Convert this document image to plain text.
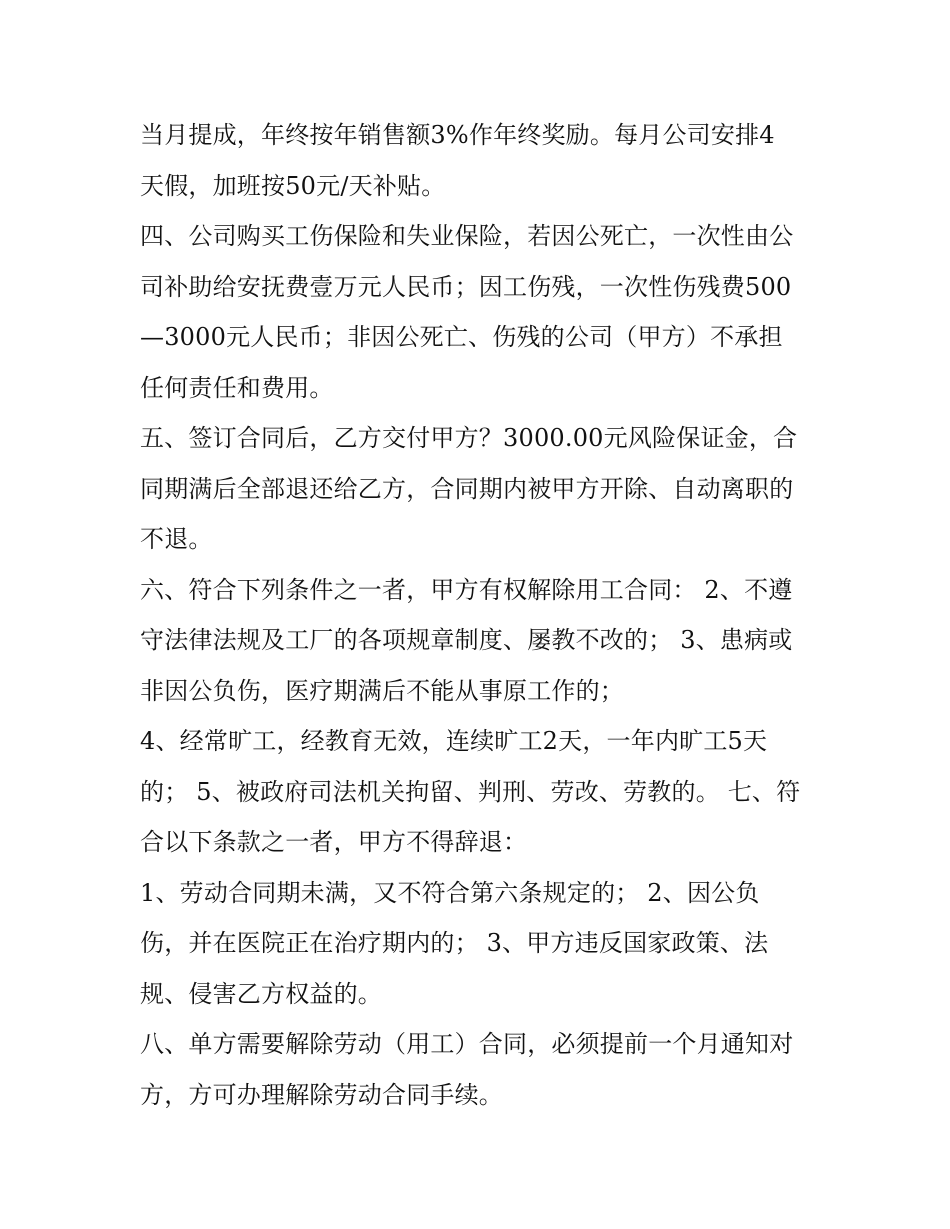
当月提成，年终按年销售额3%作年终奖励。每月公司安排4
天假，加班按50元/天补贴。
四、公司购买工伤保险和失业保险，若因公死亡，一次性由公
司补助给安抚费壹万元人民币；因工伤残，一次性伤残费500
—3000元人民币；非因公死亡、伤残的公司（甲方）不承担
任何责任和费用。
五、签订合同后，乙方交付甲方？3000.00元风险保证金，合
同期满后全部退还给乙方，合同期内被甲方开除、自动离职的
不退。
六、符合下列条件之一者，甲方有权解除用工合同： 2、不遵
守法律法规及工厂的各项规章制度、屡教不改的； 3、患病或
非因公负伤，医疗期满后不能从事原工作的；
4、经常旷工，经教育无效，连续旷工2天，一年内旷工5天
的； 5、被政府司法机关拘留、判刑、劳改、劳教的。 七、符
合以下条款之一者，甲方不得辞退：
1、劳动合同期未满，又不符合第六条规定的； 2、因公负
伤，并在医院正在治疗期内的； 3、甲方违反国家政策、法
规、侵害乙方权益的。
八、单方需要解除劳动（用工）合同，必须提前一个月通知对
方，方可办理解除劳动合同手续。
